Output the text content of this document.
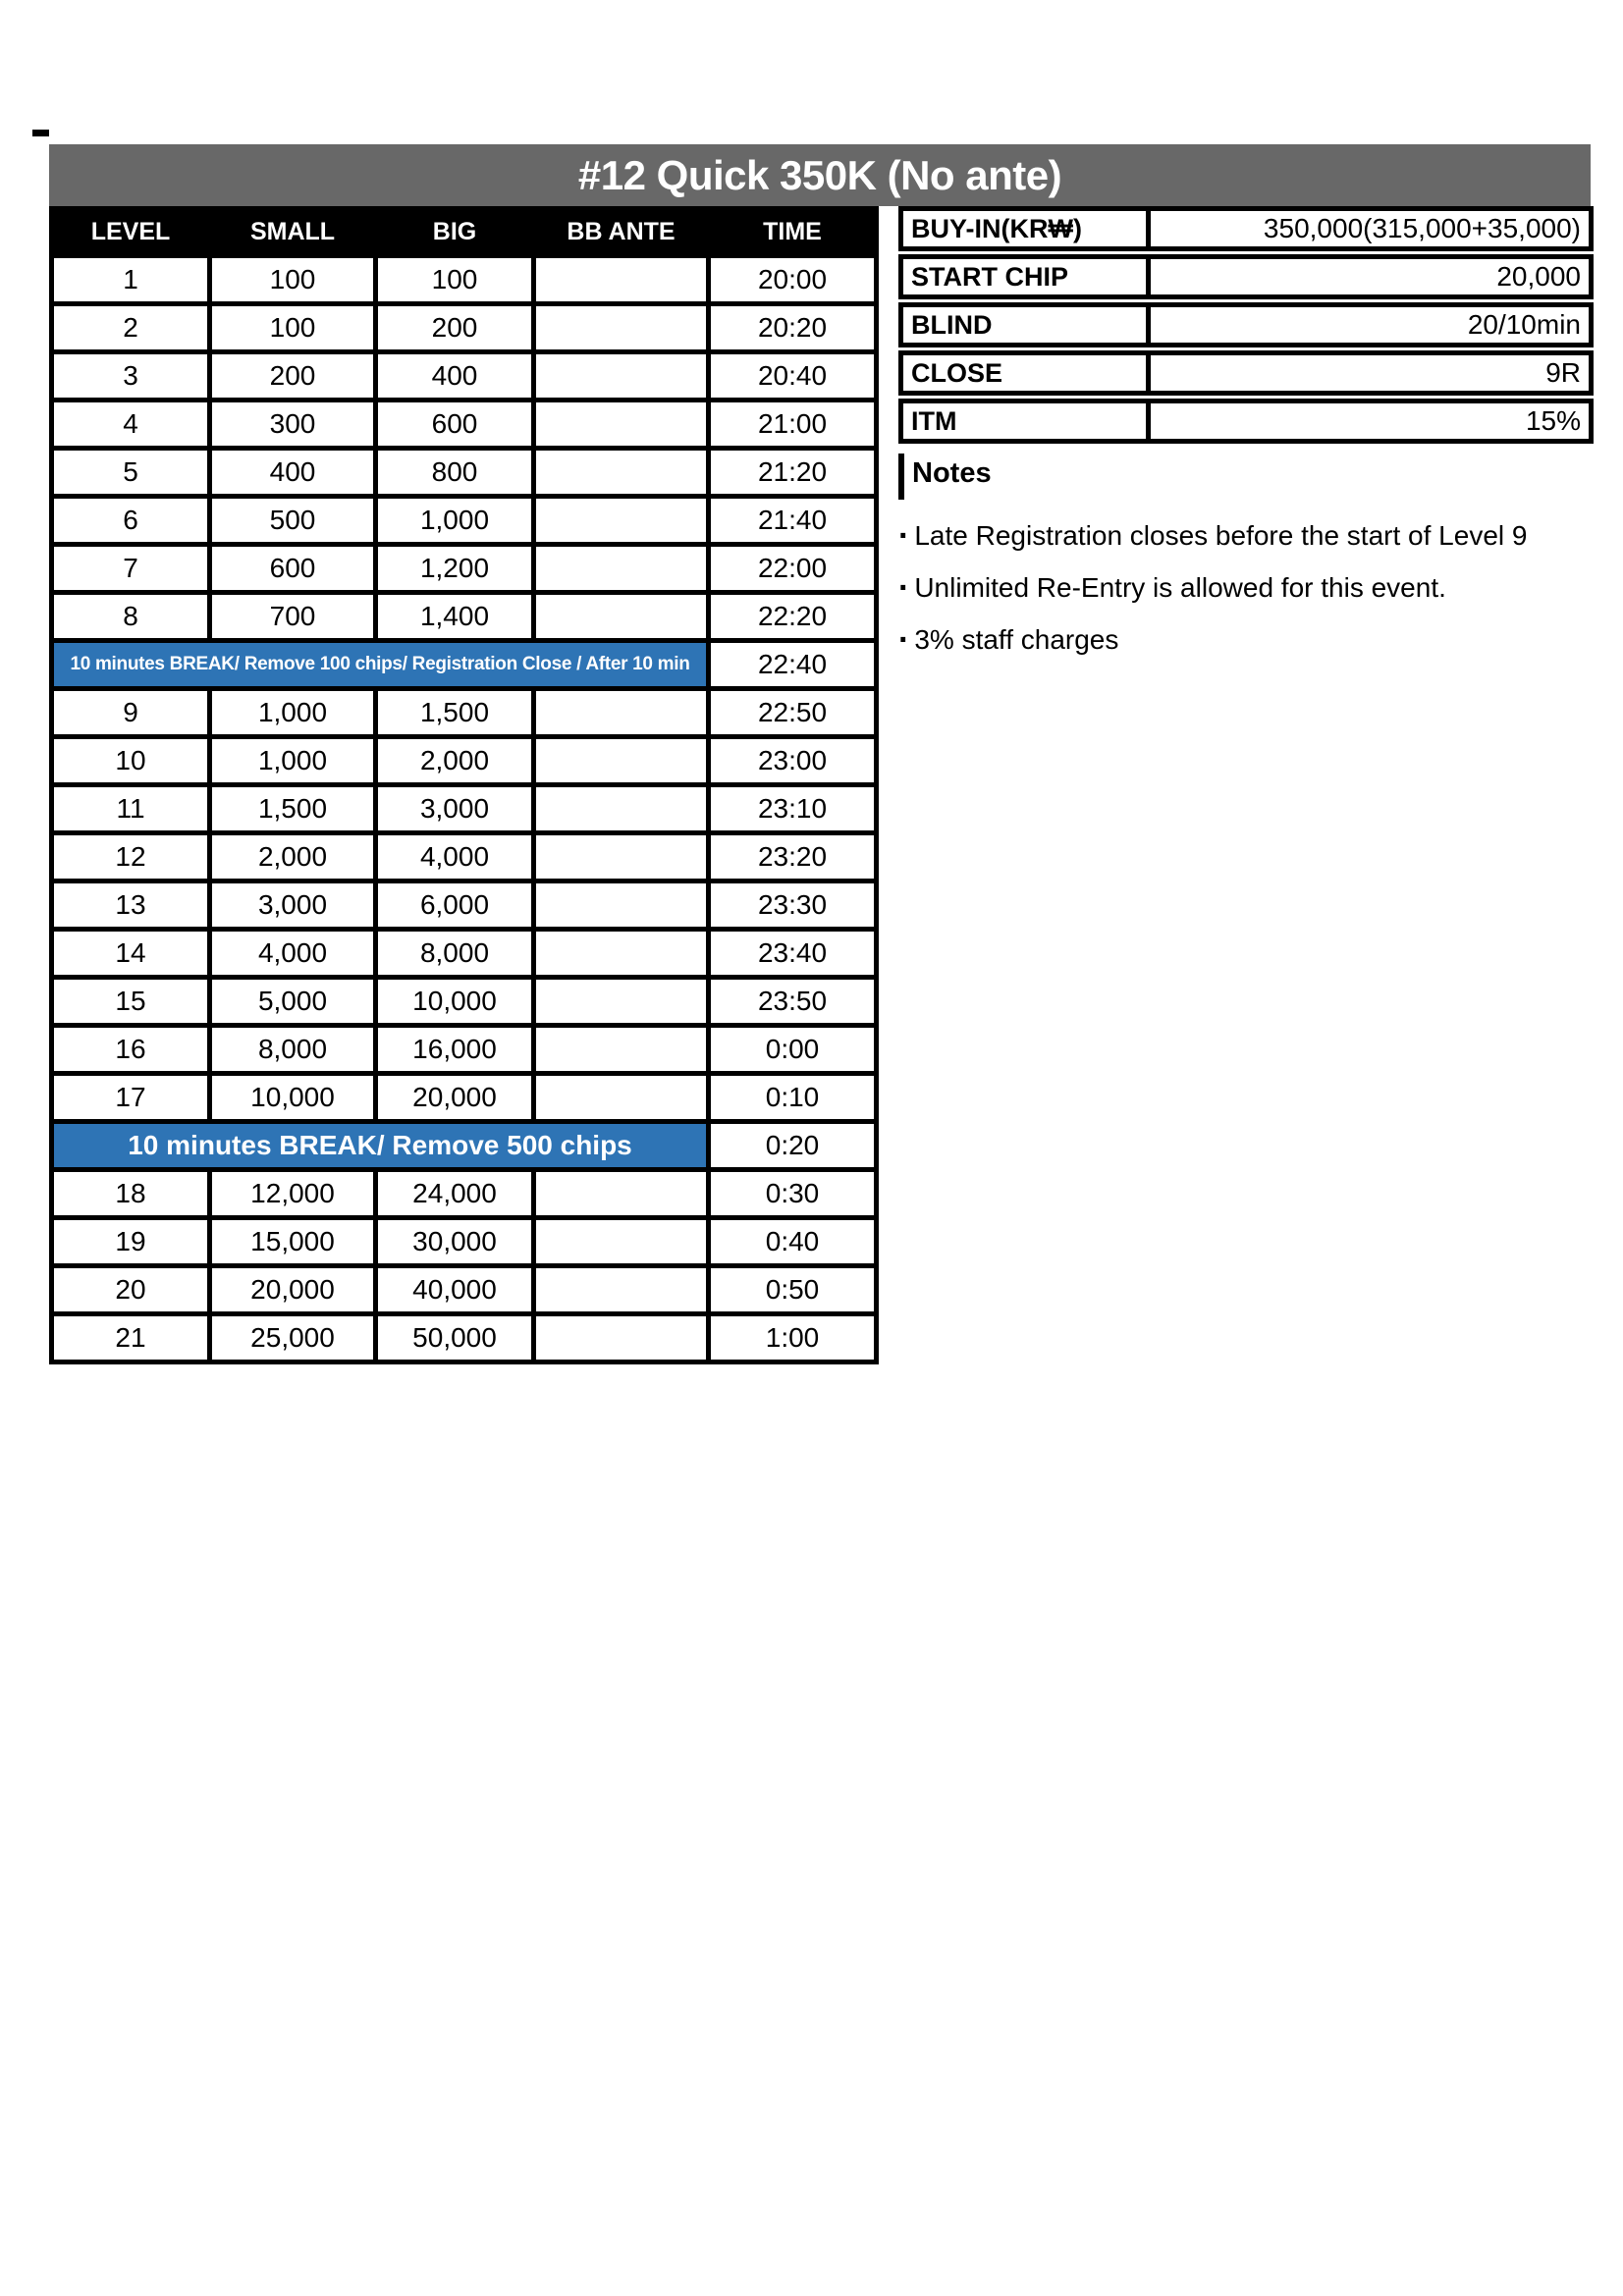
#12 Quick 350K (No ante)
LEVEL	SMALL	BIG	BB ANTE	TIME
1	100	100		20:00
2	100	200		20:20
3	200	400		20:40
4	300	600		21:00
5	400	800		21:20
6	500	1,000		21:40
7	600	1,200		22:00
8	700	1,400		22:20
10 minutes BREAK/ Remove 100 chips/ Registration Close / After 10 min				22:40
9	1,000	1,500		22:50
10	1,000	2,000		23:00
11	1,500	3,000		23:10
12	2,000	4,000		23:20
13	3,000	6,000		23:30
14	4,000	8,000		23:40
15	5,000	10,000		23:50
16	8,000	16,000		0:00
17	10,000	20,000		0:10
10 minutes BREAK/ Remove 500 chips				0:20
18	12,000	24,000		0:30
19	15,000	30,000		0:40
20	20,000	40,000		0:50
21	25,000	50,000		1:00
BUY-IN(KR₩)	350,000(315,000+35,000)
START CHIP	20,000
BLIND	20/10min
CLOSE	9R
ITM	15%
Notes
· Late Registration closes before the start of Level 9
· Unlimited Re-Entry is allowed for this event.
· 3% staff charges
